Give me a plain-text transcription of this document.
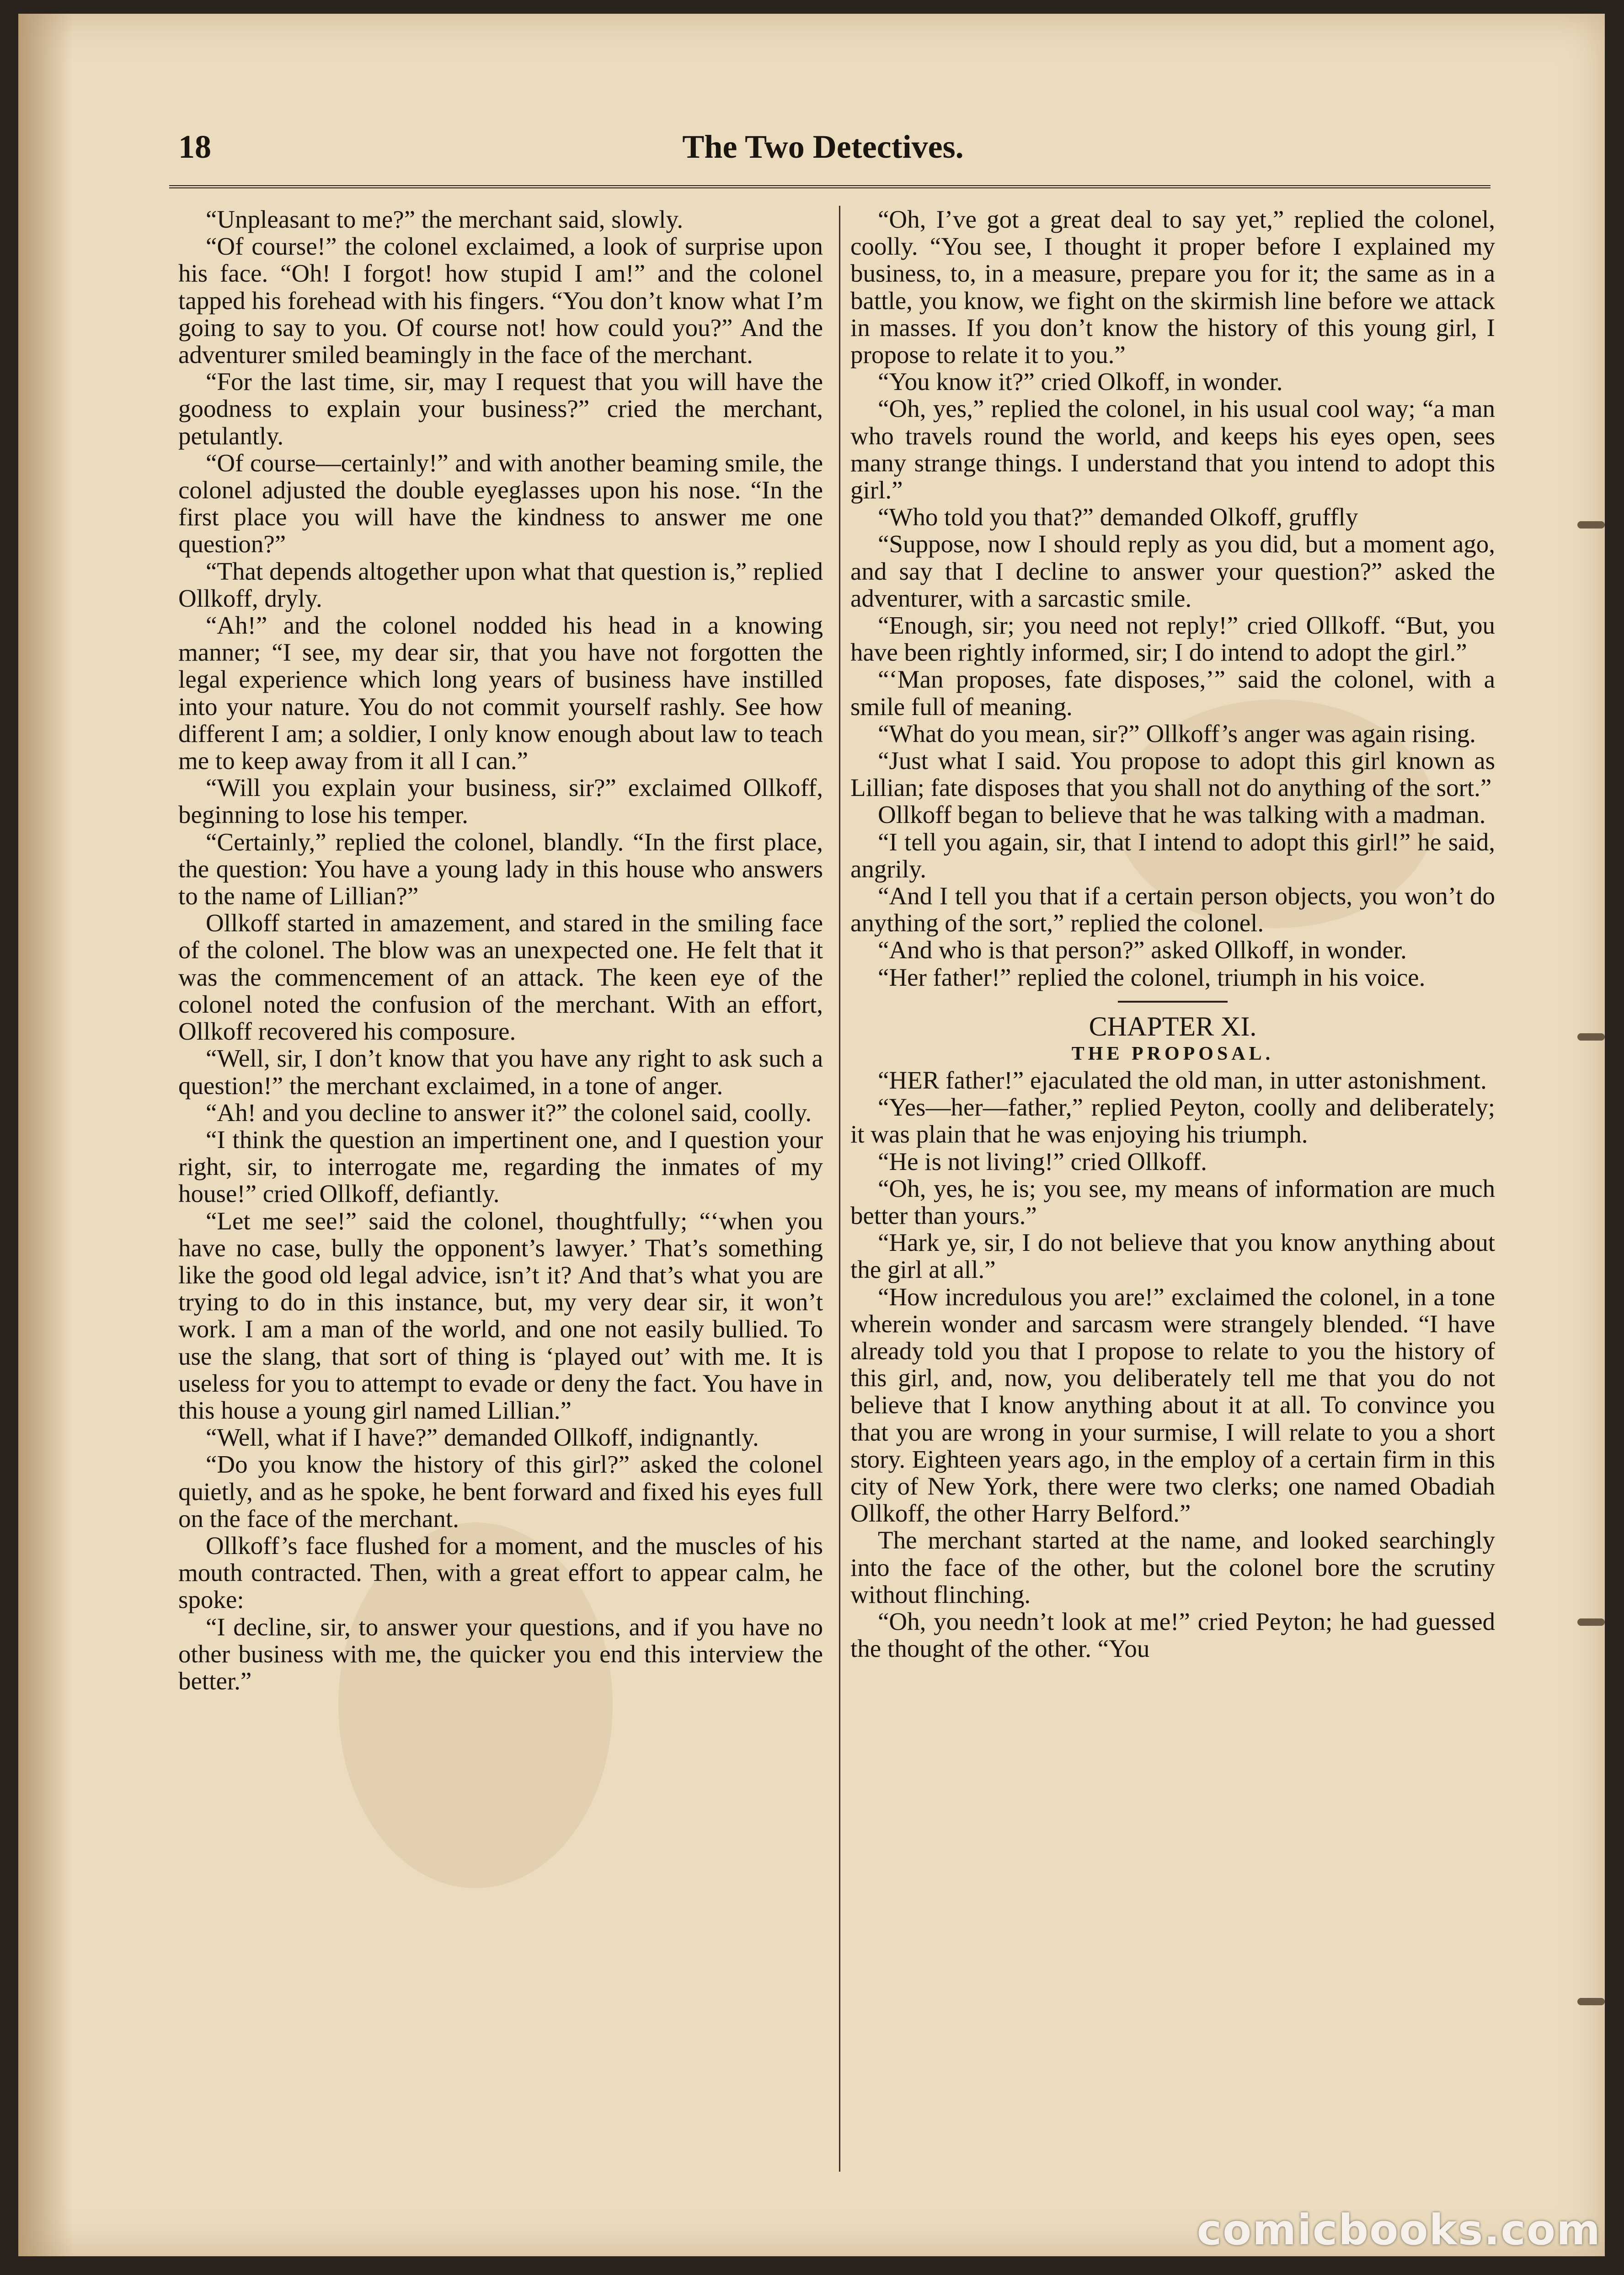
18	The Two Detectives.

“Unpleasant to me?” the merchant said, slowly.

“Of course!” the colonel exclaimed, a look of surprise upon his face. “Oh! I forgot! how stupid I am!” and the colonel tapped his forehead with his fingers. “You don’t know what I’m going to say to you. Of course not! how could you?” And the adventurer smiled beamingly in the face of the merchant.

“For the last time, sir, may I request that you will have the goodness to explain your business?” cried the merchant, petulantly.

“Of course—certainly!” and with another beaming smile, the colonel adjusted the double eyeglasses upon his nose. “In the first place you will have the kindness to answer me one question?”

“That depends altogether upon what that question is,” replied Ollkoff, dryly.

“Ah!” and the colonel nodded his head in a knowing manner; “I see, my dear sir, that you have not forgotten the legal experience which long years of business have instilled into your nature. You do not commit yourself rashly. See how different I am; a soldier, I only know enough about law to teach me to keep away from it all I can.”

“Will you explain your business, sir?” exclaimed Ollkoff, beginning to lose his temper.

“Certainly,” replied the colonel, blandly. “In the first place, the question: You have a young lady in this house who answers to the name of Lillian?”

Ollkoff started in amazement, and stared in the smiling face of the colonel. The blow was an unexpected one. He felt that it was the commencement of an attack. The keen eye of the colonel noted the confusion of the merchant. With an effort, Ollkoff recovered his composure.

“Well, sir, I don’t know that you have any right to ask such a question!” the merchant exclaimed, in a tone of anger.

“Ah! and you decline to answer it?” the colonel said, coolly.

“I think the question an impertinent one, and I question your right, sir, to interrogate me, regarding the inmates of my house!” cried Ollkoff, defiantly.

“Let me see!” said the colonel, thoughtfully; “‘when you have no case, bully the opponent’s lawyer.’ That’s something like the good old legal advice, isn’t it? And that’s what you are trying to do in this instance, but, my very dear sir, it won’t work. I am a man of the world, and one not easily bullied. To use the slang, that sort of thing is ‘played out’ with me. It is useless for you to attempt to evade or deny the fact. You have in this house a young girl named Lillian.”

“Well, what if I have?” demanded Ollkoff, indignantly.

“Do you know the history of this girl?” asked the colonel quietly, and as he spoke, he bent forward and fixed his eyes full on the face of the merchant.

Ollkoff’s face flushed for a moment, and the muscles of his mouth contracted. Then, with a great effort to appear calm, he spoke:

“I decline, sir, to answer your questions, and if you have no other business with me, the quicker you end this interview the better.”

“Oh, I’ve got a great deal to say yet,” replied the colonel, coolly. “You see, I thought it proper before I explained my business, to, in a measure, prepare you for it; the same as in a battle, you know, we fight on the skirmish line before we attack in masses. If you don’t know the history of this young girl, I propose to relate it to you.”

“You know it?” cried Olkoff, in wonder.

“Oh, yes,” replied the colonel, in his usual cool way; “a man who travels round the world, and keeps his eyes open, sees many strange things. I understand that you intend to adopt this girl.”

“Who told you that?” demanded Olkoff, gruffly

“Suppose, now I should reply as you did, but a moment ago, and say that I decline to answer your question?” asked the adventurer, with a sarcastic smile.

“Enough, sir; you need not reply!” cried Ollkoff. “But, you have been rightly informed, sir; I do intend to adopt the girl.”

“‘Man proposes, fate disposes,’” said the colonel, with a smile full of meaning.

“What do you mean, sir?” Ollkoff’s anger was again rising.

“Just what I said. You propose to adopt this girl known as Lillian; fate disposes that you shall not do anything of the sort.”

Ollkoff began to believe that he was talking with a madman.

“I tell you again, sir, that I intend to adopt this girl!” he said, angrily.

“And I tell you that if a certain person objects, you won’t do anything of the sort,” replied the colonel.

“And who is that person?” asked Ollkoff, in wonder.

“Her father!” replied the colonel, triumph in his voice.

CHAPTER XI.
THE PROPOSAL.

“HER father!” ejaculated the old man, in utter astonishment.

“Yes—her—father,” replied Peyton, coolly and deliberately; it was plain that he was enjoying his triumph.

“He is not living!” cried Ollkoff.

“Oh, yes, he is; you see, my means of information are much better than yours.”

“Hark ye, sir, I do not believe that you know anything about the girl at all.”

“How incredulous you are!” exclaimed the colonel, in a tone wherein wonder and sarcasm were strangely blended. “I have already told you that I propose to relate to you the history of this girl, and, now, you deliberately tell me that you do not believe that I know anything about it at all. To convince you that you are wrong in your surmise, I will relate to you a short story. Eighteen years ago, in the employ of a certain firm in this city of New York, there were two clerks; one named Obadiah Ollkoff, the other Harry Belford.”

The merchant started at the name, and looked searchingly into the face of the other, but the colonel bore the scrutiny without flinching.

“Oh, you needn’t look at me!” cried Peyton; he had guessed the thought of the other. “You

comicbooks.com
